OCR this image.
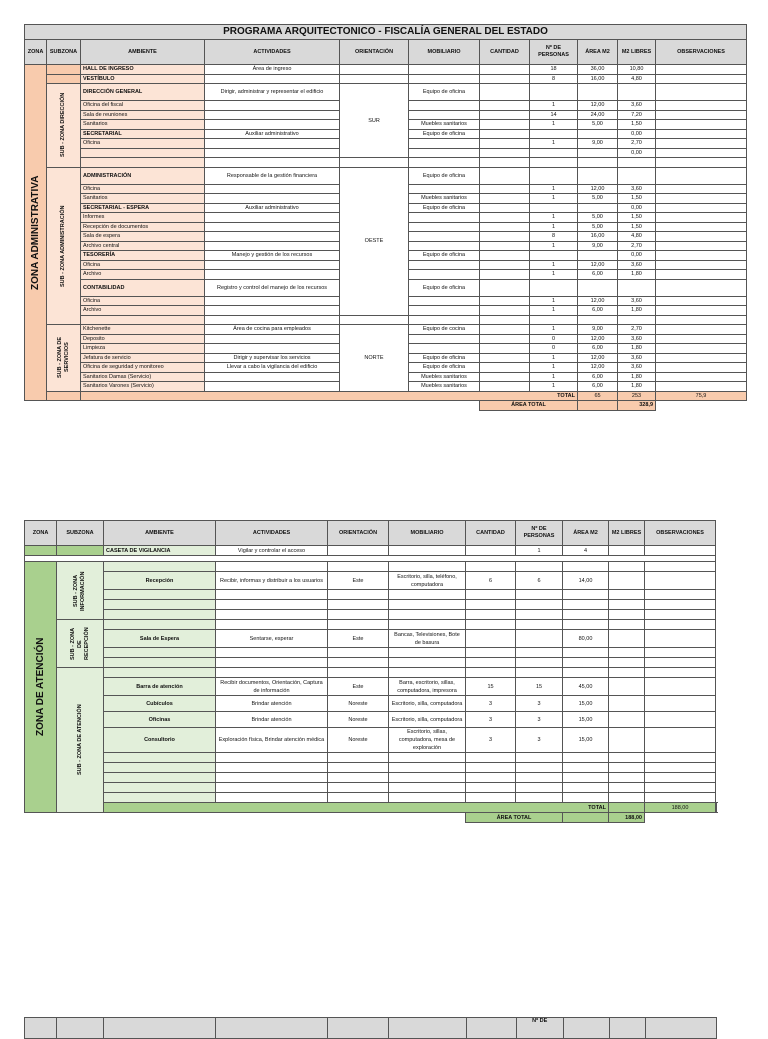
PROGRAMA ARQUITECTONICO - FISCALÍA GENERAL DEL ESTADO											
ZONA	SUBZONA	AMBIENTE	ACTIVIDADES	ORIENTACIÓN	MOBILIARIO	CANTIDAD	Nº DE PERSONAS	ÁREA M2	M2 LIBRES	OBSERVACIONES	

ZONA ADMINISTRATIVA		HALL DE INGRESO	Área de ingreso				18	36,00	10,80		
		VESTÍBULO					8	16,00	4,80		

	SUB - ZONA DIRECCIÓN	DIRECCIÓN GENERAL	Dirigir, administrar y representar el edificio	SUR	Equipo de oficina						
		Oficina del fiscal					1	12,00	3,60		
		Sala de reuniones					14	24,00	7,20		
		Sanitarios			Muebles sanitarios		1	5,00	1,50		
		SECRETARIAL	Auxiliar administrativo		Equipo de oficina				0,00		
		Oficina					1	9,00	2,70		
									0,00		

	SUB - ZONA ADMINISTRACIÓN	ADMINISTRACIÓN	Responsable de la gestión financiera	OESTE	Equipo de oficina						
		Oficina					1	12,00	3,60		
		Sanitarios			Muebles sanitarios		1	5,00	1,50		
		SECRETARIAL - ESPERA	Auxiliar administrativo		Equipo de oficina				0,00		
		Informes					1	5,00	1,50		
		Recepción de documentos					1	5,00	1,50		
		Sala de espera					8	16,00	4,80		
		Archivo central					1	9,00	2,70		
		TESORERÍA	Manejo y gestión de los recursos		Equipo de oficina				0,00		
		Oficina					1	12,00	3,60		
		Archivo					1	6,00	1,80		
		CONTABILIDAD	Registro y control del manejo de los recursos		Equipo de oficina						
		Oficina					1	12,00	3,60		
		Archivo					1	6,00	1,80		

	SUB - ZONA DE SERVICIOS	Kitchenette	Área de cocina para empleados	NORTE	Equipo de cocina		1	9,00	2,70		
		Deposito					0	12,00	3,60		
		Limpieza					0	6,00	1,80		
		Jefatura de servicio	Dirigir y supervisar los servicios		Equipo de oficina		1	12,00	3,60		
		Oficina de seguridad y monitoreo	Llevar a cabo la vigilancia del edificio		Equipo de oficina		1	12,00	3,60		
		Sanitarios Damas (Servicio)			Muebles sanitarios		1	6,00	1,80		
		Sanitarios Varones (Servicio)			Muebles sanitarios		1	6,00	1,80		
		TOTAL						65	253	75,9	
						ÁREA TOTAL			328,9		
ZONA	SUBZONA	AMBIENTE	ACTIVIDADES	ORIENTACIÓN	MOBILIARIO	CANTIDAD	Nº DE PERSONAS	ÁREA M2	M2 LIBRES	OBSERVACIONES	
		CASETA DE VIGILANCIA	Vigilar y controlar el acceso				1	4			

ZONA DE ATENCIÓN	SUB - ZONA INFORMACIÓN										

		Recepción	Recibir, informas y distribuir a los usuarios	Este	Escritorio, silla, teléfono, computadora	6	6	14,00			

	SUB - ZONA DE RECEPCIÓN										

		Sala de Espera	Sentarse, esperar	Este	Bancas, Televisiones, Bote de basura			80,00			

	SUB - ZONA DE ATENCIÓN										

		Barra de atención	Recibir documentos, Orientación, Captura de información	Este	Barra, escritorio, sillas, computadora, impresora	15	15	45,00			
		Cubículos	Brindar atención	Noreste	Escritorio, silla, computadora	3	3	15,00			
		Oficinas	Brindar atención	Noreste	Escritorio, silla, computadora	3	3	15,00			
		Consultorio	Exploración física, Brindar atención médica	Noreste	Escritorio, sillas, computadora, mesa de exploración	3	3	15,00			

		TOTAL								188,00		
						ÁREA TOTAL			188,00		
							Nº DE			
